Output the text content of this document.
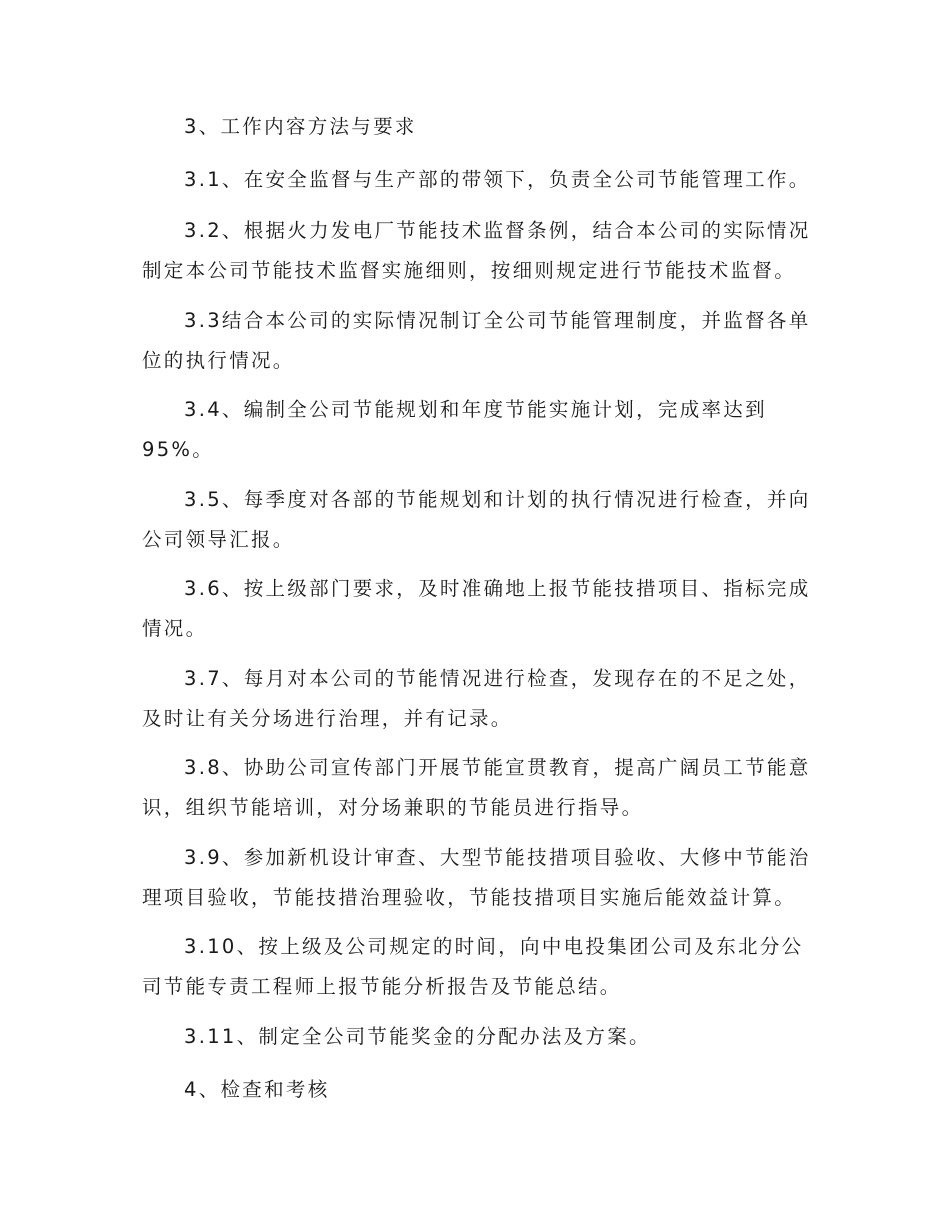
3、工作内容方法与要求

3.1、在安全监督与生产部的带领下，负责全公司节能管理工作。

3.2、根据火力发电厂节能技术监督条例，结合本公司的实际情况
制定本公司节能技术监督实施细则，按细则规定进行节能技术监督。

3.3结合本公司的实际情况制订全公司节能管理制度，并监督各单
位的执行情况。

3.4、编制全公司节能规划和年度节能实施计划，完成率达到
95%。

3.5、每季度对各部的节能规划和计划的执行情况进行检查，并向
公司领导汇报。

3.6、按上级部门要求，及时准确地上报节能技措项目、指标完成
情况。

3.7、每月对本公司的节能情况进行检查，发现存在的不足之处，
及时让有关分场进行治理，并有记录。

3.8、协助公司宣传部门开展节能宣贯教育，提高广阔员工节能意
识，组织节能培训，对分场兼职的节能员进行指导。

3.9、参加新机设计审查、大型节能技措项目验收、大修中节能治
理项目验收，节能技措治理验收，节能技措项目实施后能效益计算。

3.10、按上级及公司规定的时间，向中电投集团公司及东北分公
司节能专责工程师上报节能分析报告及节能总结。

3.11、制定全公司节能奖金的分配办法及方案。

4、检查和考核
